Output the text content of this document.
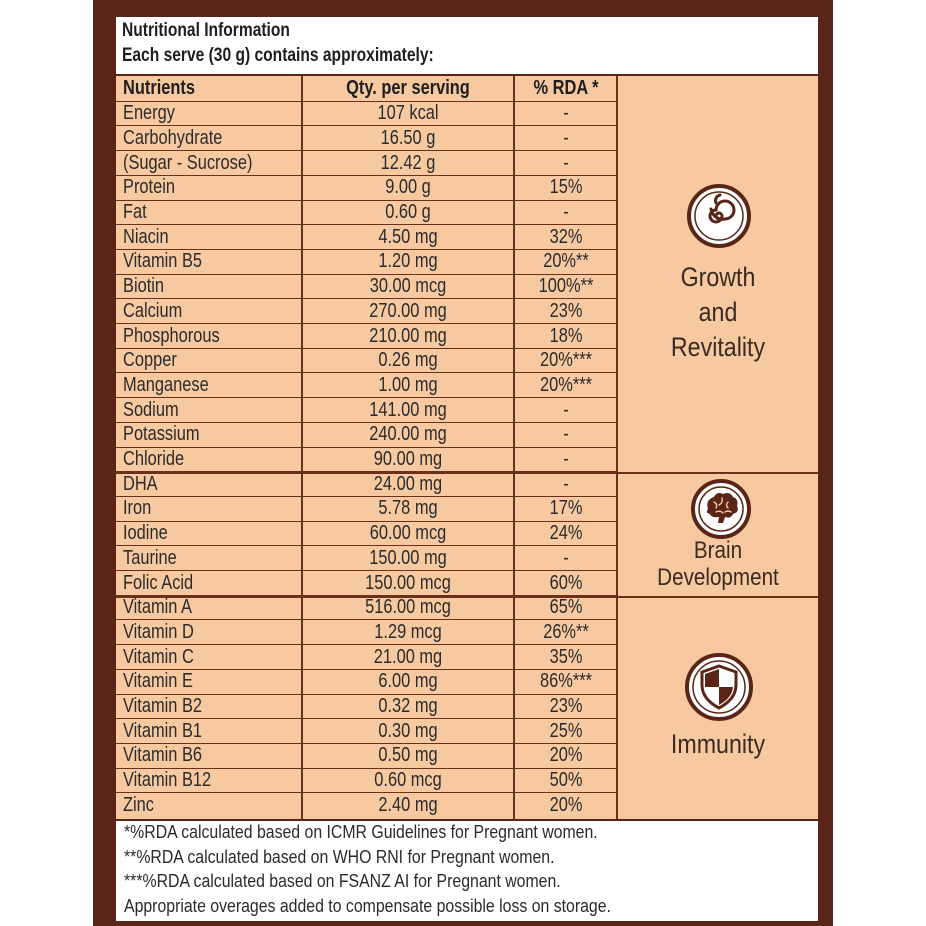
Nutritional Information
Each serve (30 g) contains approximately:
Nutrients	Qty. per serving	% RDA *
Growth
and
Revitality
Brain
Development
Immunity
Energy	107 kcal	-
Carbohydrate	16.50 g	-
(Sugar - Sucrose)	12.42 g	-
Protein	9.00 g	15%
Fat	0.60 g	-
Niacin	4.50 mg	32%
Vitamin B5	1.20 mg	20%**
Biotin	30.00 mcg	100%**
Calcium	270.00 mg	23%
Phosphorous	210.00 mg	18%
Copper	0.26 mg	20%***
Manganese	1.00 mg	20%***
Sodium	141.00 mg	-
Potassium	240.00 mg	-
Chloride	90.00 mg	-
DHA	24.00 mg	-
Iron	5.78 mg	17%
Iodine	60.00 mcg	24%
Taurine	150.00 mg	-
Folic Acid	150.00 mcg	60%
Vitamin A	516.00 mcg	65%
Vitamin D	1.29 mcg	26%**
Vitamin C	21.00 mg	35%
Vitamin E	6.00 mg	86%***
Vitamin B2	0.32 mg	23%
Vitamin B1	0.30 mg	25%
Vitamin B6	0.50 mg	20%
Vitamin B12	0.60 mcg	50%
Zinc	2.40 mg	20%
*%RDA calculated based on ICMR Guidelines for Pregnant women.
**%RDA calculated based on WHO RNI for Pregnant women.
***%RDA calculated based on FSANZ AI for Pregnant women.
Appropriate overages added to compensate possible loss on storage.
